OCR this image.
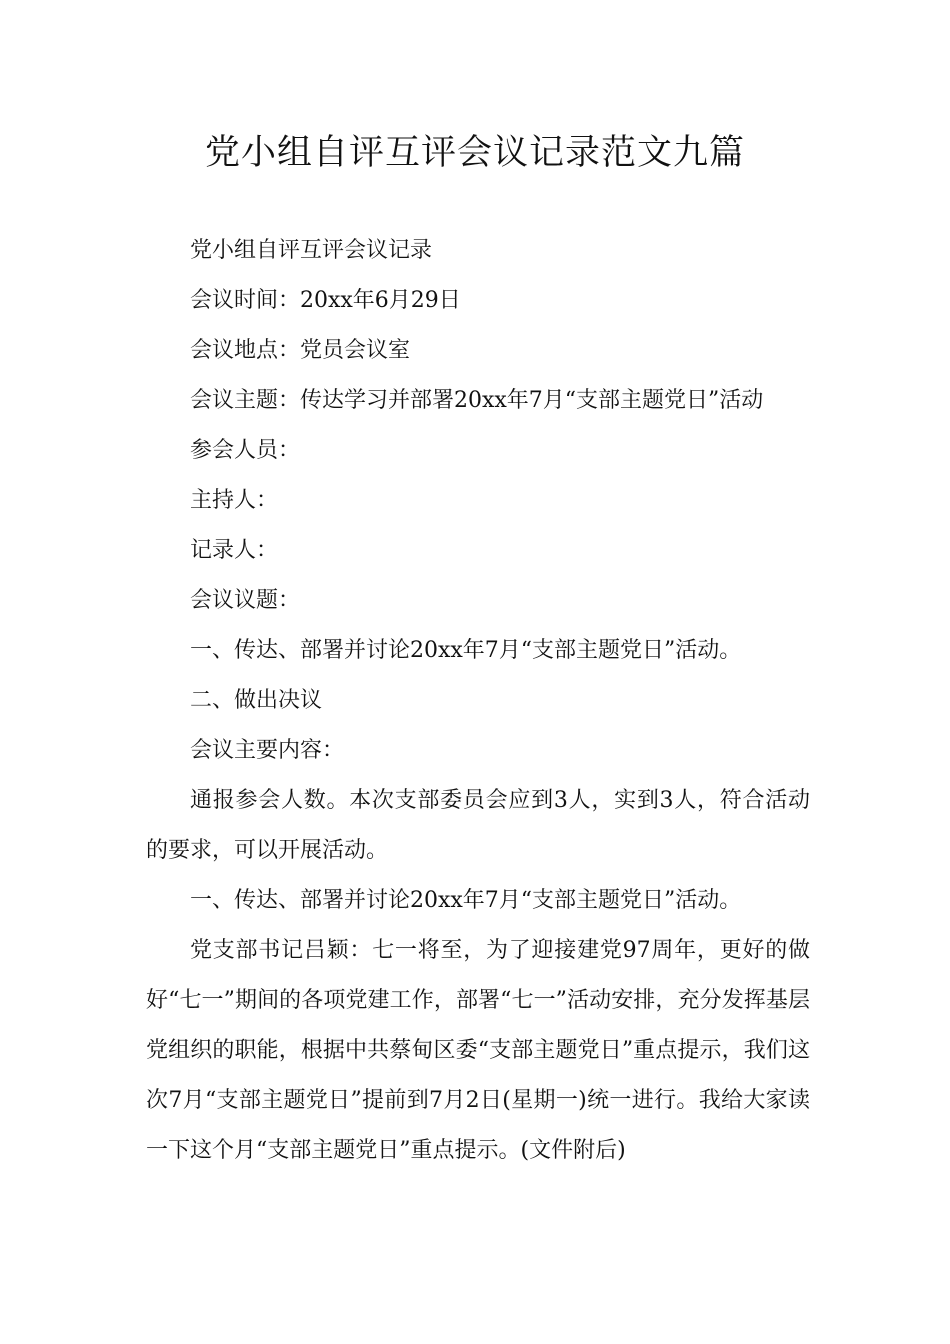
党小组自评互评会议记录范文九篇

党小组自评互评会议记录

会议时间：20xx年6月29日

会议地点：党员会议室

会议主题：传达学习并部署20xx年7月“支部主题党日”活动

参会人员：

主持人：

记录人：

会议议题：

一、传达、部署并讨论20xx年7月“支部主题党日”活动。

二、做出决议

会议主要内容：

通报参会人数。本次支部委员会应到3人，实到3人，符合活动的要求，可以开展活动。

一、传达、部署并讨论20xx年7月“支部主题党日”活动。

党支部书记吕颖：七一将至，为了迎接建党97周年，更好的做好“七一”期间的各项党建工作，部署“七一”活动安排，充分发挥基层党组织的职能，根据中共蔡甸区委“支部主题党日”重点提示，我们这次7月“支部主题党日”提前到7月2日(星期一)统一进行。我给大家读一下这个月“支部主题党日”重点提示。(文件附后)
